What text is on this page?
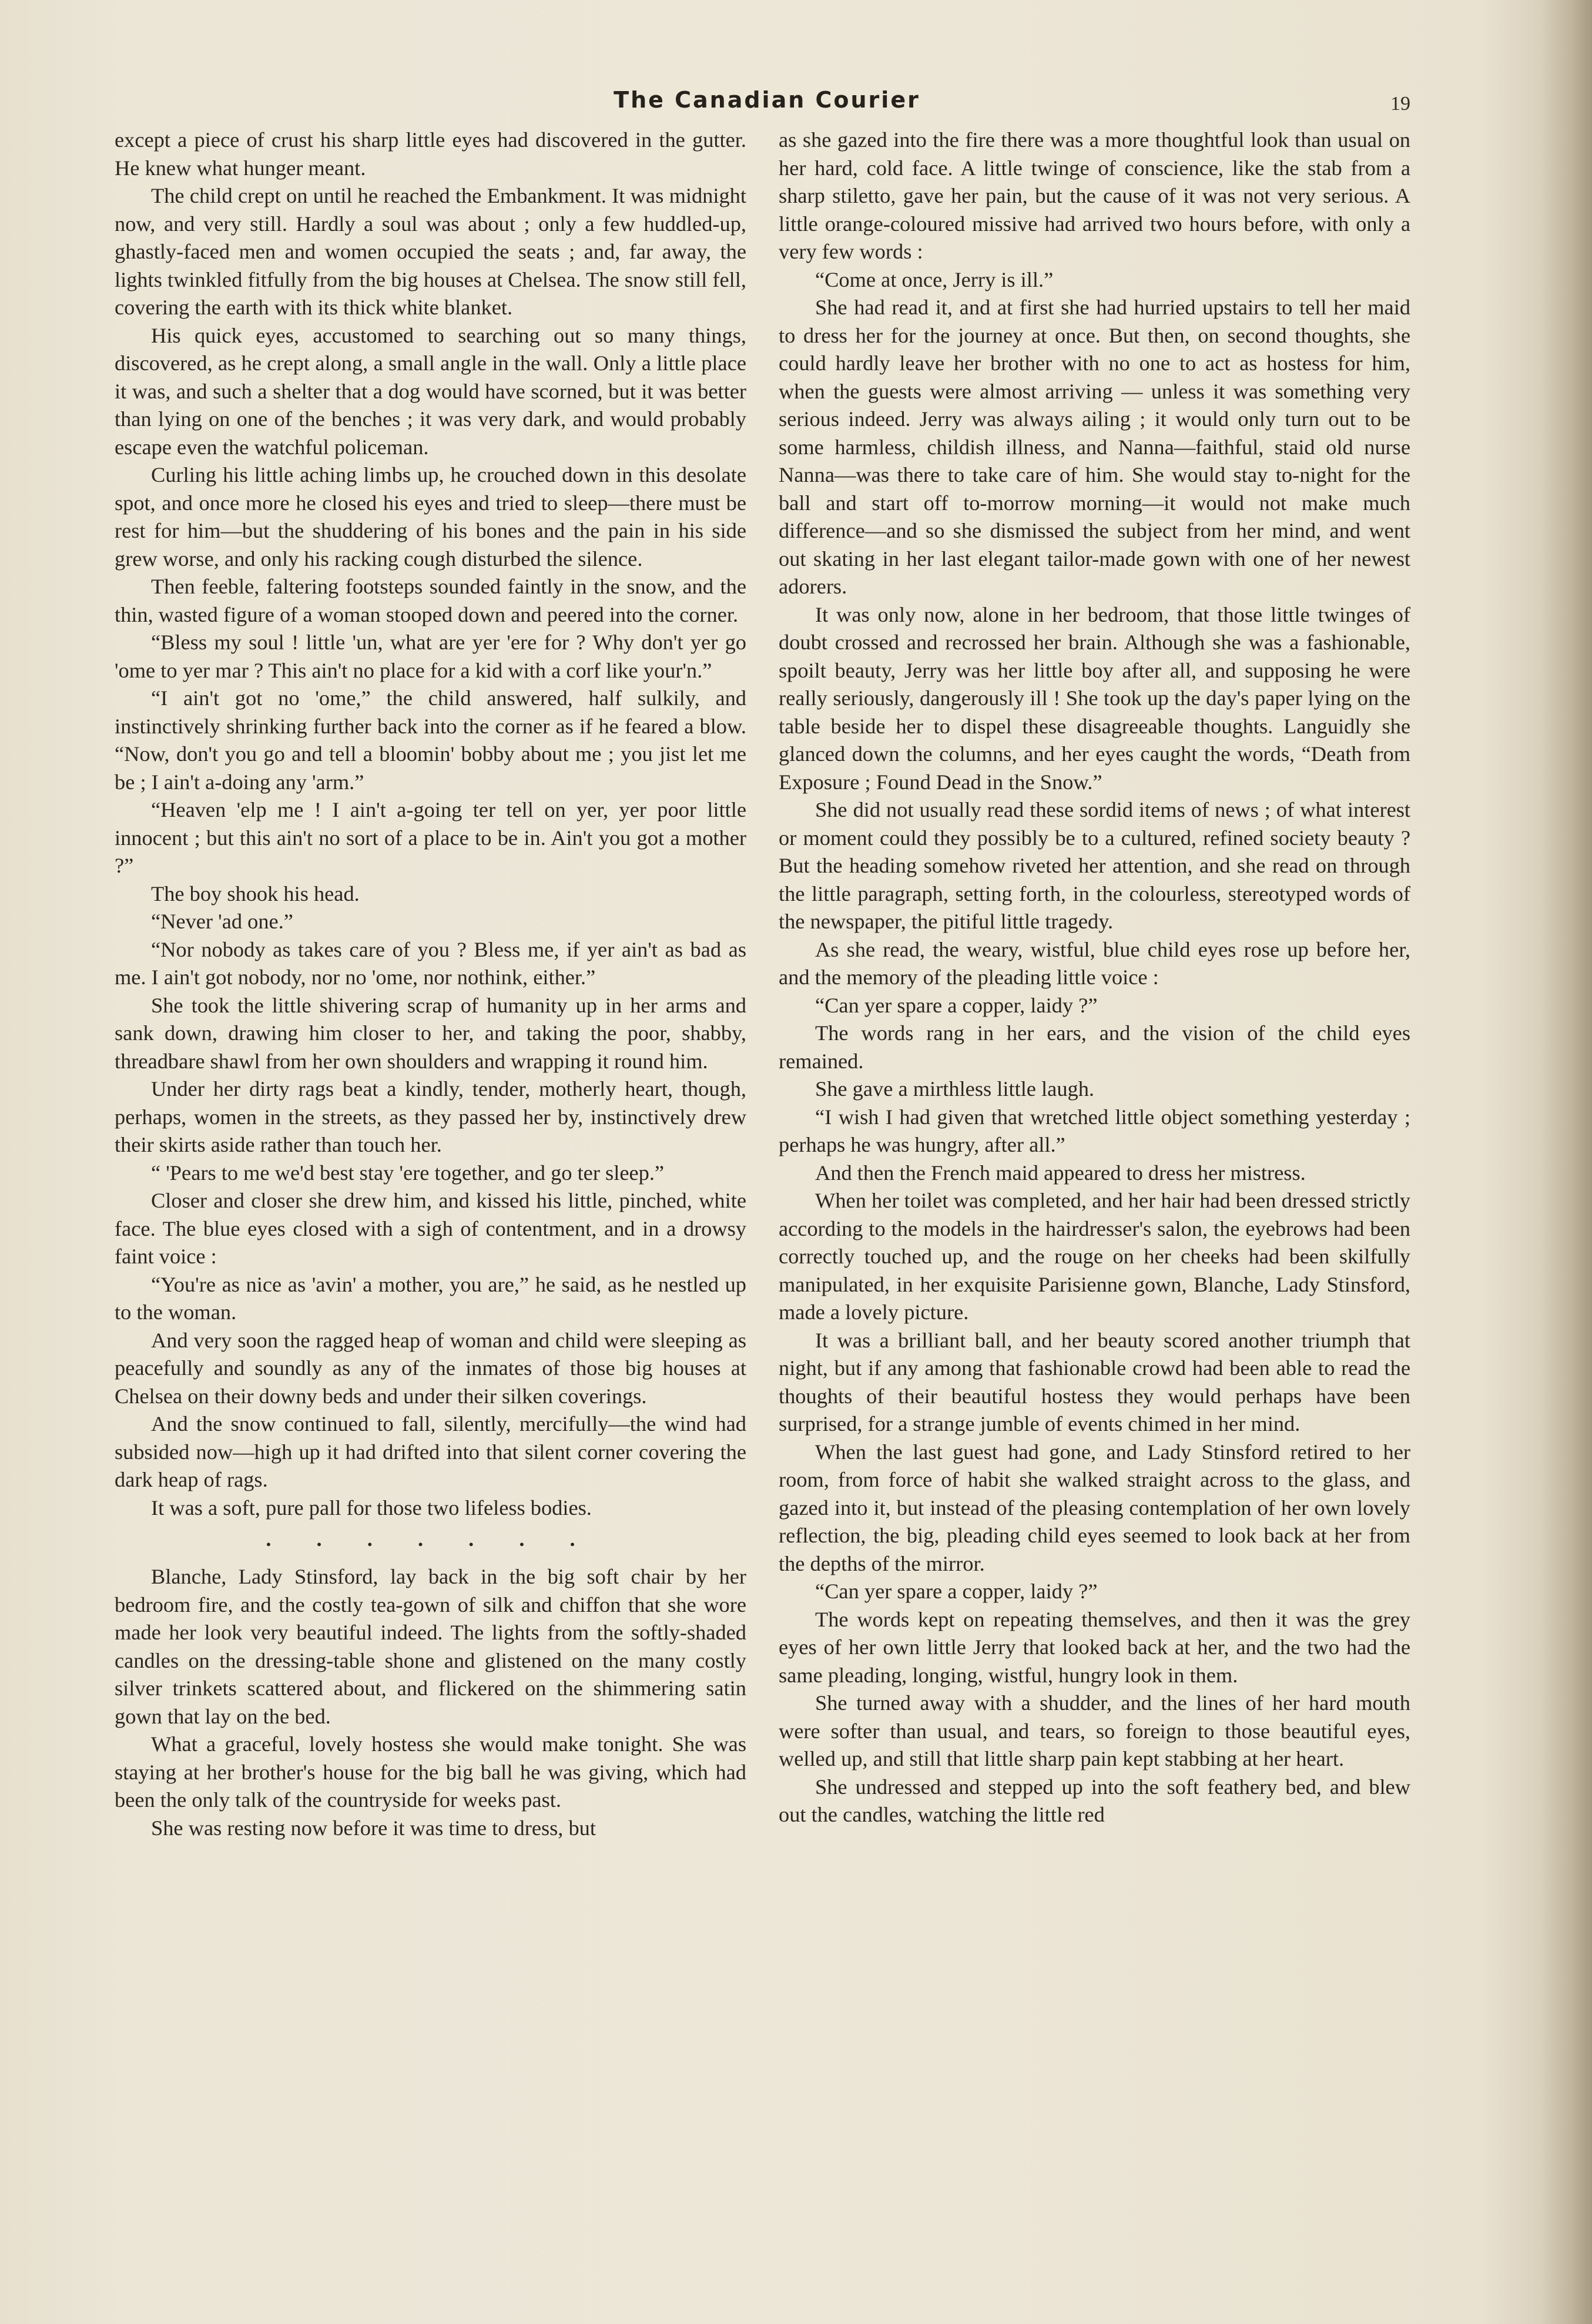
The Canadian Courier	19

except a piece of crust his sharp little eyes had discovered in the gutter. He knew what hunger meant.

The child crept on until he reached the Embankment. It was midnight now, and very still. Hardly a soul was about ; only a few huddled-up, ghastly-faced men and women occupied the seats ; and, far away, the lights twinkled fitfully from the big houses at Chelsea. The snow still fell, covering the earth with its thick white blanket.

His quick eyes, accustomed to searching out so many things, discovered, as he crept along, a small angle in the wall. Only a little place it was, and such a shelter that a dog would have scorned, but it was better than lying on one of the benches ; it was very dark, and would probably escape even the watchful policeman.

Curling his little aching limbs up, he crouched down in this desolate spot, and once more he closed his eyes and tried to sleep—there must be rest for him—but the shuddering of his bones and the pain in his side grew worse, and only his racking cough disturbed the silence.

Then feeble, faltering footsteps sounded faintly in the snow, and the thin, wasted figure of a woman stooped down and peered into the corner.

“Bless my soul ! little 'un, what are yer 'ere for ? Why don't yer go 'ome to yer mar ? This ain't no place for a kid with a corf like your'n.”

“I ain't got no 'ome,” the child answered, half sulkily, and instinctively shrinking further back into the corner as if he feared a blow. “Now, don't you go and tell a bloomin' bobby about me ; you jist let me be ; I ain't a-doing any 'arm.”

“Heaven 'elp me ! I ain't a-going ter tell on yer, yer poor little innocent ; but this ain't no sort of a place to be in. Ain't you got a mother ?”

The boy shook his head.

“Never 'ad one.”

“Nor nobody as takes care of you ? Bless me, if yer ain't as bad as me. I ain't got nobody, nor no 'ome, nor nothink, either.”

She took the little shivering scrap of humanity up in her arms and sank down, drawing him closer to her, and taking the poor, shabby, threadbare shawl from her own shoulders and wrapping it round him.

Under her dirty rags beat a kindly, tender, motherly heart, though, perhaps, women in the streets, as they passed her by, instinctively drew their skirts aside rather than touch her.

“ 'Pears to me we'd best stay 'ere together, and go ter sleep.”

Closer and closer she drew him, and kissed his little, pinched, white face. The blue eyes closed with a sigh of contentment, and in a drowsy faint voice :

“You're as nice as 'avin' a mother, you are,” he said, as he nestled up to the woman.

And very soon the ragged heap of woman and child were sleeping as peacefully and soundly as any of the inmates of those big houses at Chelsea on their downy beds and under their silken coverings.

And the snow continued to fall, silently, mercifully—the wind had subsided now—high up it had drifted into that silent corner covering the dark heap of rags.

It was a soft, pure pall for those two lifeless bodies.

. . . . . . .

Blanche, Lady Stinsford, lay back in the big soft chair by her bedroom fire, and the costly tea-gown of silk and chiffon that she wore made her look very beautiful indeed. The lights from the softly-shaded candles on the dressing-table shone and glistened on the many costly silver trinkets scattered about, and flickered on the shimmering satin gown that lay on the bed.

What a graceful, lovely hostess she would make tonight. She was staying at her brother's house for the big ball he was giving, which had been the only talk of the countryside for weeks past.

She was resting now before it was time to dress, but

as she gazed into the fire there was a more thoughtful look than usual on her hard, cold face. A little twinge of conscience, like the stab from a sharp stiletto, gave her pain, but the cause of it was not very serious. A little orange-coloured missive had arrived two hours before, with only a very few words :

“Come at once, Jerry is ill.”

She had read it, and at first she had hurried upstairs to tell her maid to dress her for the journey at once. But then, on second thoughts, she could hardly leave her brother with no one to act as hostess for him, when the guests were almost arriving — unless it was something very serious indeed. Jerry was always ailing ; it would only turn out to be some harmless, childish illness, and Nanna—faithful, staid old nurse Nanna—was there to take care of him. She would stay to-night for the ball and start off to-morrow morning—it would not make much difference—and so she dismissed the subject from her mind, and went out skating in her last elegant tailor-made gown with one of her newest adorers.

It was only now, alone in her bedroom, that those little twinges of doubt crossed and recrossed her brain. Although she was a fashionable, spoilt beauty, Jerry was her little boy after all, and supposing he were really seriously, dangerously ill ! She took up the day's paper lying on the table beside her to dispel these disagreeable thoughts. Languidly she glanced down the columns, and her eyes caught the words, “Death from Exposure ; Found Dead in the Snow.”

She did not usually read these sordid items of news ; of what interest or moment could they possibly be to a cultured, refined society beauty ? But the heading somehow riveted her attention, and she read on through the little paragraph, setting forth, in the colourless, stereotyped words of the newspaper, the pitiful little tragedy.

As she read, the weary, wistful, blue child eyes rose up before her, and the memory of the pleading little voice :

“Can yer spare a copper, laidy ?”

The words rang in her ears, and the vision of the child eyes remained.

She gave a mirthless little laugh.

“I wish I had given that wretched little object something yesterday ; perhaps he was hungry, after all.”

And then the French maid appeared to dress her mistress.

When her toilet was completed, and her hair had been dressed strictly according to the models in the hairdresser's salon, the eyebrows had been correctly touched up, and the rouge on her cheeks had been skilfully manipulated, in her exquisite Parisienne gown, Blanche, Lady Stinsford, made a lovely picture.

It was a brilliant ball, and her beauty scored another triumph that night, but if any among that fashionable crowd had been able to read the thoughts of their beautiful hostess they would perhaps have been surprised, for a strange jumble of events chimed in her mind.

When the last guest had gone, and Lady Stinsford retired to her room, from force of habit she walked straight across to the glass, and gazed into it, but instead of the pleasing contemplation of her own lovely reflection, the big, pleading child eyes seemed to look back at her from the depths of the mirror.

“Can yer spare a copper, laidy ?”

The words kept on repeating themselves, and then it was the grey eyes of her own little Jerry that looked back at her, and the two had the same pleading, longing, wistful, hungry look in them.

She turned away with a shudder, and the lines of her hard mouth were softer than usual, and tears, so foreign to those beautiful eyes, welled up, and still that little sharp pain kept stabbing at her heart.

She undressed and stepped up into the soft feathery bed, and blew out the candles, watching the little red
